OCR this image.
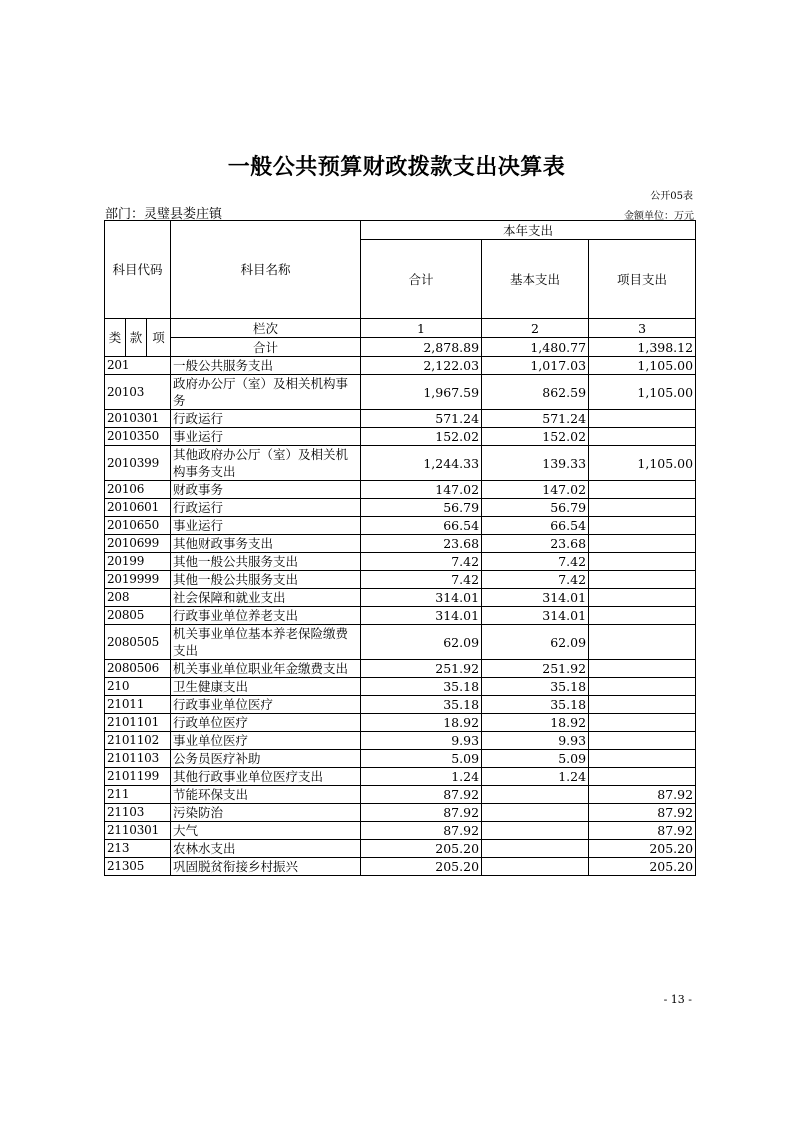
一般公共预算财政拨款支出决算表
公开05表
部门：灵璧县娄庄镇	金额单位：万元
科目代码			科目名称	本年支出		
				合计	基本支出	项目支出

类	款	项	栏次	1	2	3
			合计	2,878.89	1,480.77	1,398.12
201			一般公共服务支出	2,122.03	1,017.03	1,105.00
20103			政府办公厅（室）及相关机构事务	1,967.59	862.59	1,105.00
2010301			行政运行	571.24	571.24	
2010350			事业运行	152.02	152.02	
2010399			其他政府办公厅（室）及相关机构事务支出	1,244.33	139.33	1,105.00
20106			财政事务	147.02	147.02	
2010601			行政运行	56.79	56.79	
2010650			事业运行	66.54	66.54	
2010699			其他财政事务支出	23.68	23.68	
20199			其他一般公共服务支出	7.42	7.42	
2019999			其他一般公共服务支出	7.42	7.42	
208			社会保障和就业支出	314.01	314.01	
20805			行政事业单位养老支出	314.01	314.01	
2080505			机关事业单位基本养老保险缴费支出	62.09	62.09	
2080506			机关事业单位职业年金缴费支出	251.92	251.92	
210			卫生健康支出	35.18	35.18	
21011			行政事业单位医疗	35.18	35.18	
2101101			行政单位医疗	18.92	18.92	
2101102			事业单位医疗	9.93	9.93	
2101103			公务员医疗补助	5.09	5.09	
2101199			其他行政事业单位医疗支出	1.24	1.24	
211			节能环保支出	87.92		87.92
21103			污染防治	87.92		87.92
2110301			大气	87.92		87.92
213			农林水支出	205.20		205.20
21305			巩固脱贫衔接乡村振兴	205.20		205.20
- 13 -
